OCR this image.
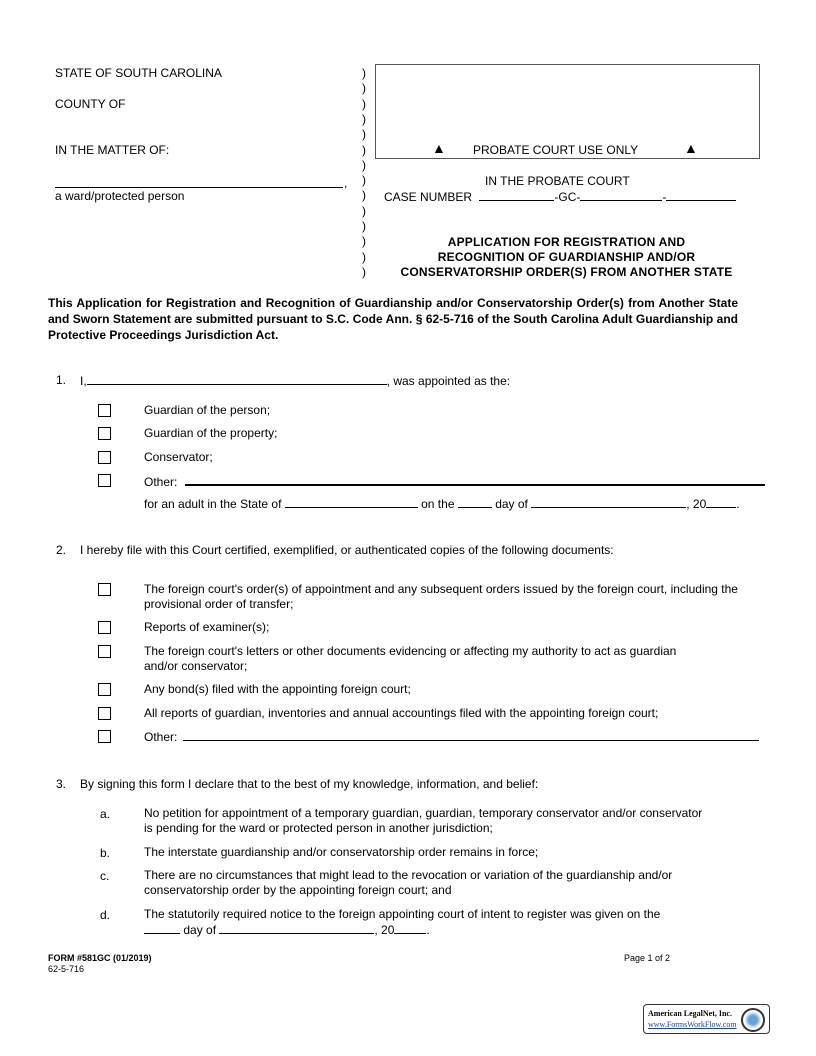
STATE OF SOUTH CAROLINA
COUNTY OF
IN THE MATTER OF:
,
a ward/protected person
)
)
)
)
)
)
)
)
)
)
)
)
)
)
▲ PROBATE COURT USE ONLY	▲
IN THE PROBATE COURT
CASE NUMBER	-GC-	-
APPLICATION FOR REGISTRATION AND
RECOGNITION OF GUARDIANSHIP AND/OR
CONSERVATORSHIP ORDER(S) FROM ANOTHER STATE
This Application for Registration and Recognition of Guardianship and/or Conservatorship Order(s) from Another State and Sworn Statement are submitted pursuant to S.C. Code Ann. § 62-5-716 of the South Carolina Adult Guardianship and Protective Proceedings Jurisdiction Act.
1. I,	, was appointed as the:
Guardian of the person;
Guardian of the property;
Conservator;
Other:
for an adult in the State of	on the	day of	, 20	.
2. I hereby file with this Court certified, exemplified, or authenticated copies of the following documents:
The foreign court's order(s) of appointment and any subsequent orders issued by the foreign court, including the
provisional order of transfer;
Reports of examiner(s);
The foreign court's letters or other documents evidencing or affecting my authority to act as guardian
and/or conservator;
Any bond(s) filed with the appointing foreign court;
All reports of guardian, inventories and annual accountings filed with the appointing foreign court;
Other:
3. By signing this form I declare that to the best of my knowledge, information, and belief:
a.	No petition for appointment of a temporary guardian, guardian, temporary conservator and/or conservator
is pending for the ward or protected person in another jurisdiction;
b.	The interstate guardianship and/or conservatorship order remains in force;
c.	There are no circumstances that might lead to the revocation or variation of the guardianship and/or
conservatorship order by the appointing foreign court; and
d.	The statutorily required notice to the foreign appointing court of intent to register was given on the
day of	, 20	.
FORM #581GC (01/2019)
62-5-716
Page 1 of 2
American LegalNet, Inc.
www.FormsWorkFlow.com
